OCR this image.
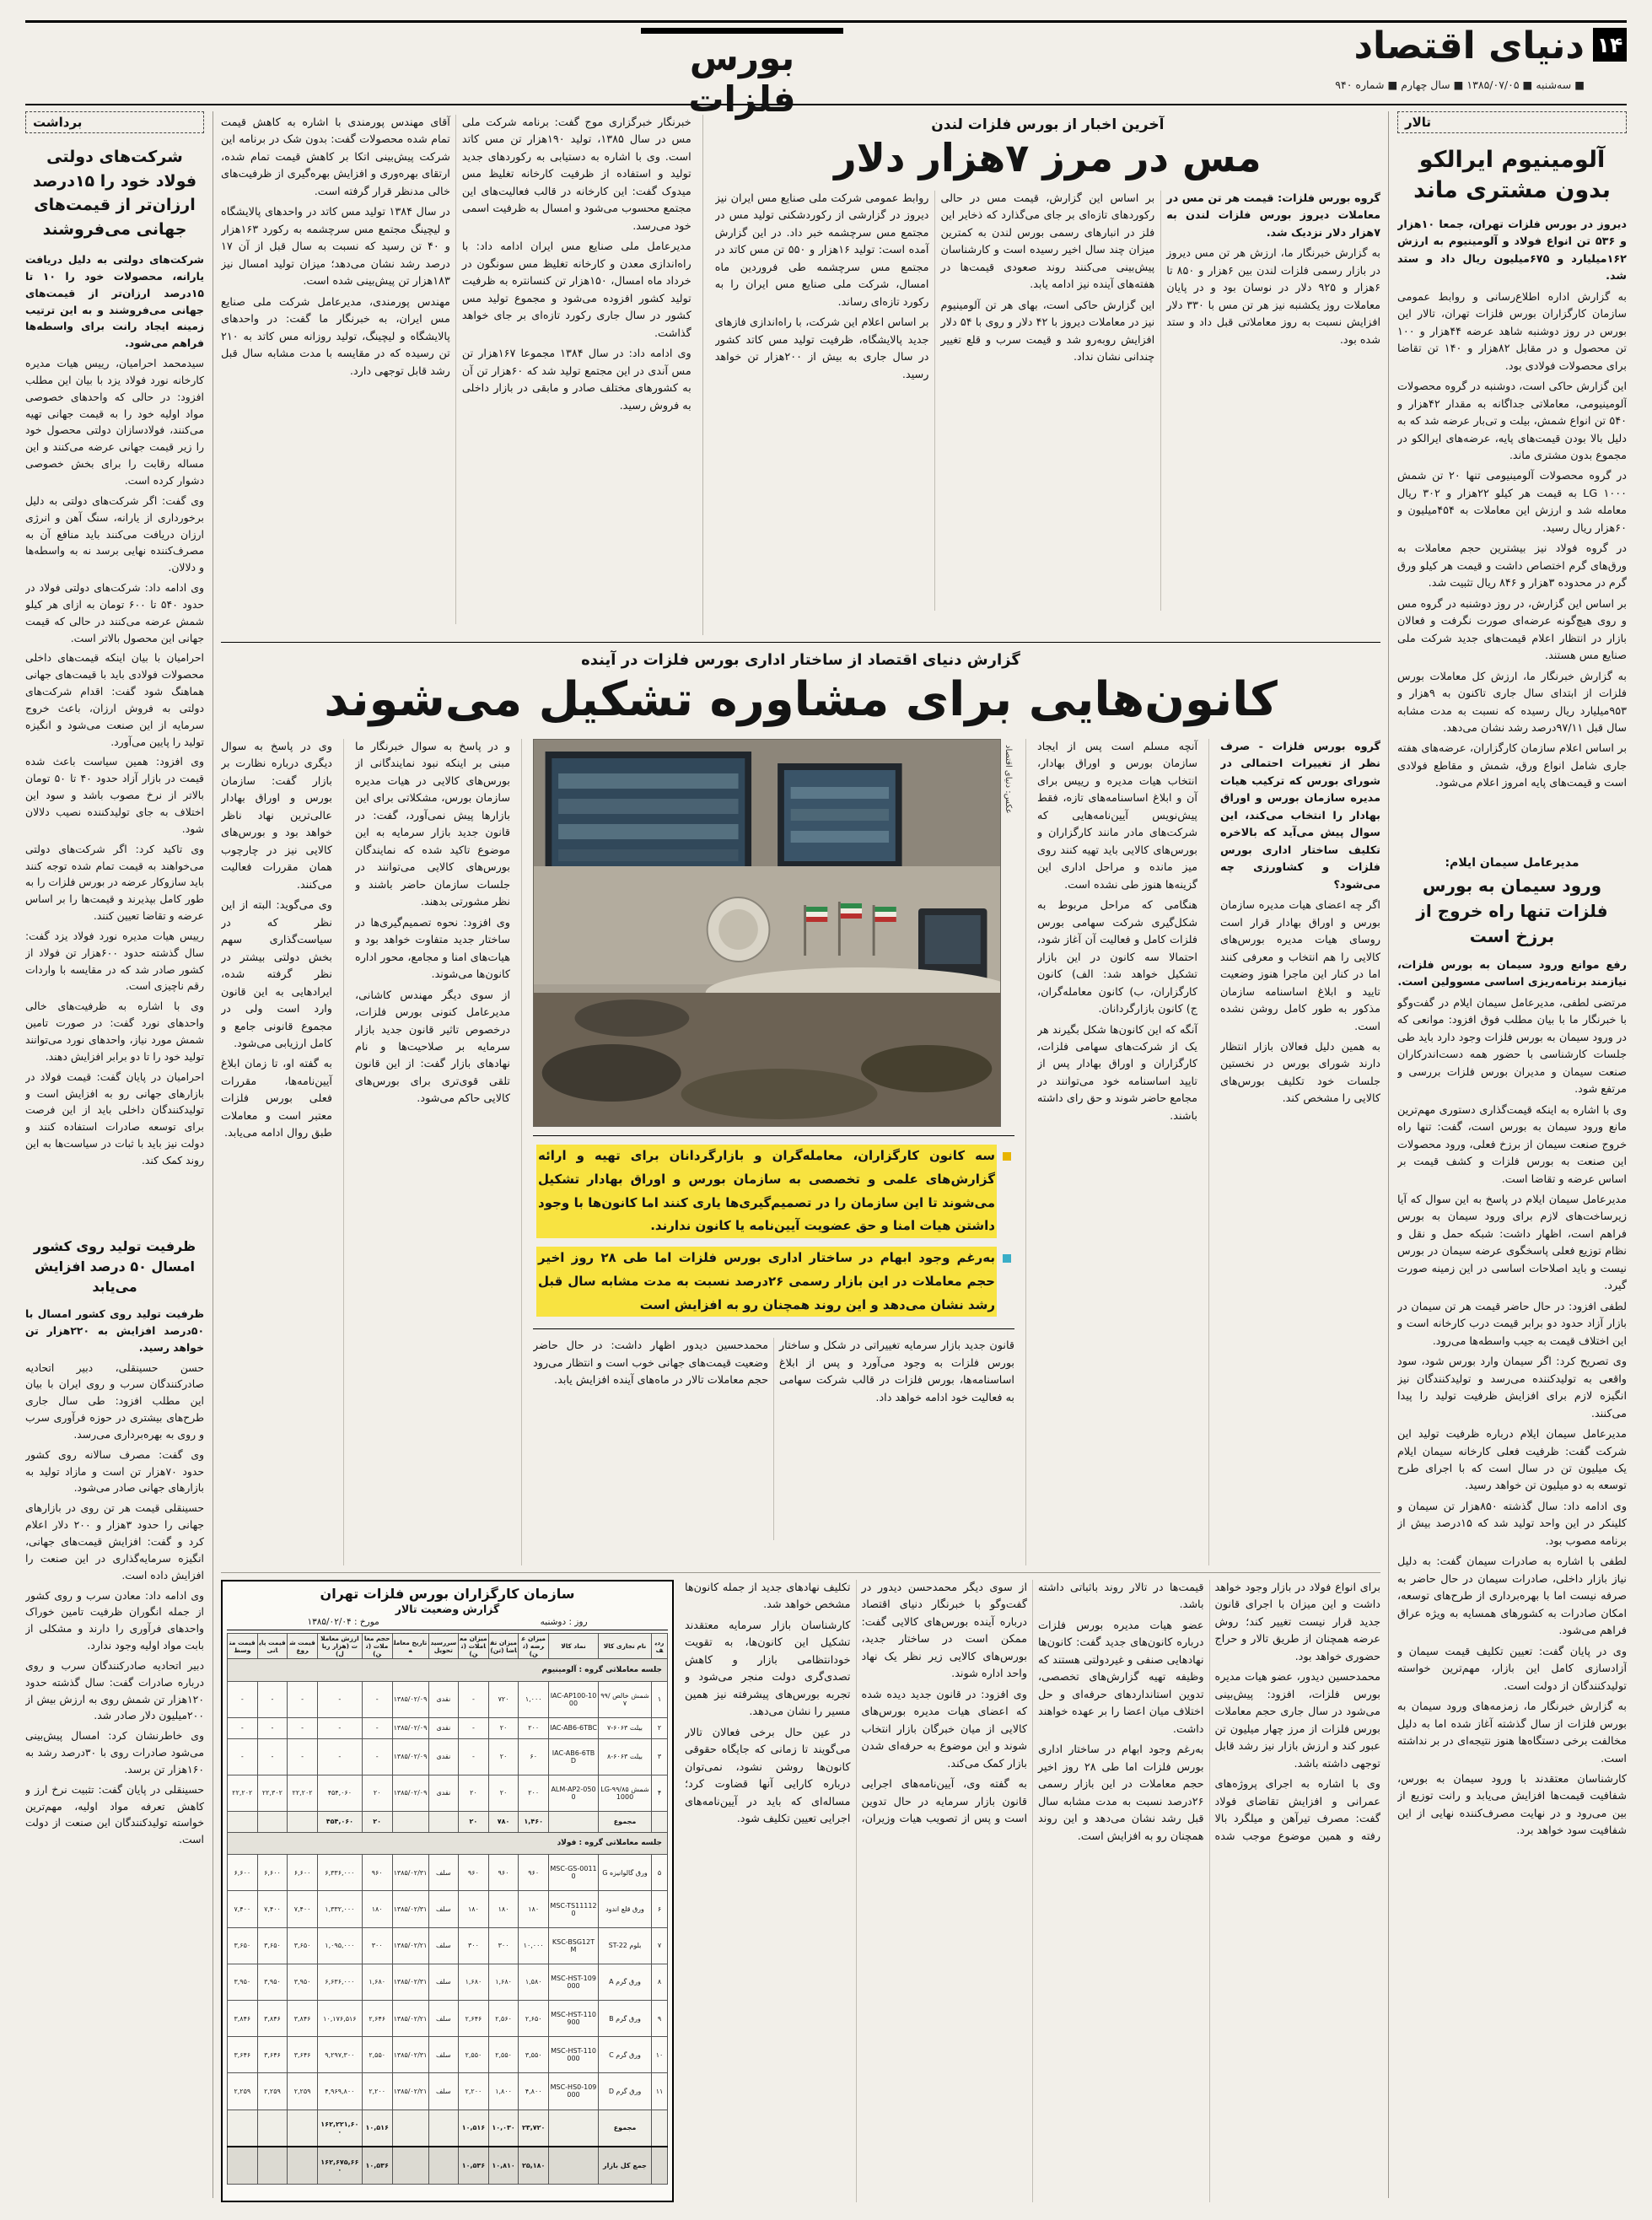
۱۴
دنیای اقتصاد
■ سه‌شنبه ■ ۱۳۸۵/۰۷/۰۵ ■ سال چهارم ■ شماره ۹۴۰
بورس فلزات
تالار
آلومینیوم ایرالکو بدون مشتری ماند

دیروز در بورس فلزات تهران، جمعا ۱۰هزار و ۵۳۶ تن انواع فولاد و آلومینیوم به ارزش ۱۶۲میلیارد و ۶۷۵میلیون ریال داد و ستد شد.

به گزارش اداره اطلاع‌رسانی و روابط عمومی سازمان کارگزاران بورس فلزات تهران، تالار این بورس در روز دوشنبه شاهد عرضه ۴۴هزار و ۱۰۰ تن محصول و در مقابل ۸۲هزار و ۱۴۰ تن تقاضا برای محصولات فولادی بود.

این گزارش حاکی است، دوشنبه در گروه محصولات آلومینیومی، معاملاتی جداگانه به مقدار ۴۲هزار و ۵۴۰ تن انواع شمش، بیلت و تی‌بار عرضه شد که به دلیل بالا بودن قیمت‌های پایه، عرضه‌های ایرالکو در مجموع بدون مشتری ماند.

در گروه محصولات آلومینیومی تنها ۲۰ تن شمش LG ۱۰۰۰ به قیمت هر کیلو ۲۲هزار و ۳۰۲ ریال معامله شد و ارزش این معاملات به ۴۵۴میلیون و ۶۰هزار ریال رسید.

در گروه فولاد نیز بیشترین حجم معاملات به ورق‌های گرم اختصاص داشت و قیمت هر کیلو ورق گرم در محدوده ۳هزار و ۸۴۶ ریال تثبیت شد.

بر اساس این گزارش، در روز دوشنبه در گروه مس و روی هیچ‌گونه عرضه‌ای صورت نگرفت و فعالان بازار در انتظار اعلام قیمت‌های جدید شرکت ملی صنایع مس هستند.

به گزارش خبرنگار ما، ارزش کل معاملات بورس فلزات از ابتدای سال جاری تاکنون به ۹هزار و ۹۵۳میلیارد ریال رسیده که نسبت به مدت مشابه سال قبل ۹۷/۱۱درصد رشد نشان می‌دهد.

بر اساس اعلام سازمان کارگزاران، عرضه‌های هفته جاری شامل انواع ورق، شمش و مقاطع فولادی است و قیمت‌های پایه امروز اعلام می‌شود.

مدیرعامل سیمان ایلام:
ورود سیمان به بورس فلزات تنها راه خروج از برزخ است

رفع موانع ورود سیمان به بورس فلزات، نیازمند برنامه‌ریزی اساسی مسوولین است.

مرتضی لطفی، مدیرعامل سیمان ایلام در گفت‌وگو با خبرنگار ما با بیان مطلب فوق افزود: موانعی که در ورود سیمان به بورس فلزات وجود دارد باید طی جلسات کارشناسی با حضور همه دست‌اندرکاران صنعت سیمان و مدیران بورس فلزات بررسی و مرتفع شود.

وی با اشاره به اینکه قیمت‌گذاری دستوری مهم‌ترین مانع ورود سیمان به بورس است، گفت: تنها راه خروج صنعت سیمان از برزخ فعلی، ورود محصولات این صنعت به بورس فلزات و کشف قیمت بر اساس عرضه و تقاضا است.

مدیرعامل سیمان ایلام در پاسخ به این سوال که آیا زیرساخت‌های لازم برای ورود سیمان به بورس فراهم است، اظهار داشت: شبکه حمل و نقل و نظام توزیع فعلی پاسخگوی عرضه سیمان در بورس نیست و باید اصلاحات اساسی در این زمینه صورت گیرد.

لطفی افزود: در حال حاضر قیمت هر تن سیمان در بازار آزاد حدود دو برابر قیمت درب کارخانه است و این اختلاف قیمت به جیب واسطه‌ها می‌رود.

وی تصریح کرد: اگر سیمان وارد بورس شود، سود واقعی به تولیدکننده می‌رسد و تولیدکنندگان نیز انگیزه لازم برای افزایش ظرفیت تولید را پیدا می‌کنند.

مدیرعامل سیمان ایلام درباره ظرفیت تولید این شرکت گفت: ظرفیت فعلی کارخانه سیمان ایلام یک میلیون تن در سال است که با اجرای طرح توسعه به دو میلیون تن خواهد رسید.

وی ادامه داد: سال گذشته ۸۵۰هزار تن سیمان و کلینکر در این واحد تولید شد که ۱۵درصد بیش از برنامه مصوب بود.

لطفی با اشاره به صادرات سیمان گفت: به دلیل نیاز بازار داخلی، صادرات سیمان در حال حاضر به صرفه نیست اما با بهره‌برداری از طرح‌های توسعه، امکان صادرات به کشورهای همسایه به ویژه عراق فراهم می‌شود.

وی در پایان گفت: تعیین تکلیف قیمت سیمان و آزادسازی کامل این بازار، مهم‌ترین خواسته تولیدکنندگان از دولت است.

به گزارش خبرنگار ما، زمزمه‌های ورود سیمان به بورس فلزات از سال گذشته آغاز شده اما به دلیل مخالفت برخی دستگاه‌ها هنوز نتیجه‌ای در بر نداشته است.

کارشناسان معتقدند با ورود سیمان به بورس، شفافیت قیمت‌ها افزایش می‌یابد و رانت توزیع از بین می‌رود و در نهایت مصرف‌کننده نهایی از این شفافیت سود خواهد برد.

آخرین اخبار از بورس فلزات لندن
مس در مرز ۷هزار دلار

گروه بورس فلزات: قیمت هر تن مس در معاملات دیروز بورس فلزات لندن به ۷هزار دلار نزدیک شد.

به گزارش خبرنگار ما، ارزش هر تن مس دیروز در بازار رسمی فلزات لندن بین ۶هزار و ۸۵۰ تا ۶هزار و ۹۲۵ دلار در نوسان بود و در پایان معاملات روز یکشنبه نیز هر تن مس با ۳۳۰ دلار افزایش نسبت به روز معاملاتی قبل داد و ستد شده بود.

بر اساس این گزارش، قیمت مس در حالی رکوردهای تازه‌ای بر جای می‌گذارد که ذخایر این فلز در انبارهای رسمی بورس لندن به کمترین میزان چند سال اخیر رسیده است و کارشناسان پیش‌بینی می‌کنند روند صعودی قیمت‌ها در هفته‌های آینده نیز ادامه یابد.

این گزارش حاکی است، بهای هر تن آلومینیوم نیز در معاملات دیروز با ۴۲ دلار و روی با ۵۴ دلار افزایش روبه‌رو شد و قیمت سرب و قلع تغییر چندانی نشان نداد.

روابط عمومی شرکت ملی صنایع مس ایران نیز دیروز در گزارشی از رکوردشکنی تولید مس در مجتمع مس سرچشمه خبر داد. در این گزارش آمده است: تولید ۱۶هزار و ۵۵۰ تن مس کاتد در مجتمع مس سرچشمه طی فروردین ماه امسال، شرکت ملی صنایع مس ایران را به رکورد تازه‌ای رساند.

بر اساس اعلام این شرکت، با راه‌اندازی فازهای جدید پالایشگاه، ظرفیت تولید مس کاتد کشور در سال جاری به بیش از ۲۰۰هزار تن خواهد رسید.

خبرنگار خبرگزاری موج گفت: برنامه شرکت ملی مس در سال ۱۳۸۵، تولید ۱۹۰هزار تن مس کاتد است. وی با اشاره به دستیابی به رکوردهای جدید تولید و استفاده از ظرفیت کارخانه تغلیظ مس میدوک گفت: این کارخانه در قالب فعالیت‌های این مجتمع محسوب می‌شود و امسال به ظرفیت اسمی خود می‌رسد.

مدیرعامل ملی صنایع مس ایران ادامه داد: با راه‌اندازی معدن و کارخانه تغلیظ مس سونگون در خرداد ماه امسال، ۱۵۰هزار تن کنسانتره به ظرفیت تولید کشور افزوده می‌شود و مجموع تولید مس کشور در سال جاری رکورد تازه‌ای بر جای خواهد گذاشت.

وی ادامه داد: در سال ۱۳۸۴ مجموعا ۱۶۷هزار تن مس آندی در این مجتمع تولید شد که ۶۰هزار تن آن به کشورهای مختلف صادر و مابقی در بازار داخلی به فروش رسید.

آقای مهندس پورمندی با اشاره به کاهش قیمت تمام شده محصولات گفت: بدون شک در برنامه این شرکت پیش‌بینی اتکا بر کاهش قیمت تمام شده، ارتقای بهره‌وری و افزایش بهره‌گیری از ظرفیت‌های خالی مدنظر قرار گرفته است.

در سال ۱۳۸۴ تولید مس کاتد در واحدهای پالایشگاه و لیچینگ مجتمع مس سرچشمه به رکورد ۱۶۳هزار و ۴۰ تن رسید که نسبت به سال قبل از آن ۱۷ درصد رشد نشان می‌دهد؛ میزان تولید امسال نیز ۱۸۳هزار تن پیش‌بینی شده است.

مهندس پورمندی، مدیرعامل شرکت ملی صنایع مس ایران، به خبرنگار ما گفت: در واحدهای پالایشگاه و لیچینگ، تولید روزانه مس کاتد به ۲۱۰ تن رسیده که در مقایسه با مدت مشابه سال قبل رشد قابل توجهی دارد.

گزارش دنیای اقتصاد از ساختار اداری بورس فلزات در آینده
کانون‌هایی برای مشاوره تشکیل می‌شوند

گروه بورس فلزات - صرف نظر از تغییرات احتمالی در شورای بورس که ترکیب هیات مدیره سازمان بورس و اوراق بهادار را انتخاب می‌کند، این سوال پیش می‌آید که بالاخره تکلیف ساختار اداری بورس فلزات و کشاورزی چه می‌شود؟

اگر چه اعضای هیات مدیره سازمان بورس و اوراق بهادار قرار است روسای هیات مدیره بورس‌های کالایی را هم انتخاب و معرفی کنند اما در کنار این ماجرا هنوز وضعیت تایید و ابلاغ اساسنامه سازمان مذکور به طور کامل روشن نشده است.

به همین دلیل فعالان بازار انتظار دارند شورای بورس در نخستین جلسات خود تکلیف بورس‌های کالایی را مشخص کند.

آنچه مسلم است پس از ایجاد سازمان بورس و اوراق بهادار، انتخاب هیات مدیره و رییس برای آن و ابلاغ اساسنامه‌های تازه، فقط پیش‌نویس آیین‌نامه‌هایی که شرکت‌های مادر مانند کارگزاران و بورس‌های کالایی باید تهیه کنند روی میز مانده و مراحل اداری این گزینه‌ها هنوز طی نشده است.

هنگامی که مراحل مربوط به شکل‌گیری شرکت سهامی بورس فلزات کامل و فعالیت آن آغاز شود، احتمالا سه کانون در این بازار تشکیل خواهد شد: الف) کانون کارگزاران، ب) کانون معامله‌گران، ج) کانون بازارگردانان.

آنگه که این کانون‌ها شکل بگیرند هر یک از شرکت‌های سهامی فلزات، کارگزاران و اوراق بهادار پس از تایید اساسنامه خود می‌توانند در مجامع حاضر شوند و حق رای داشته باشند.

عکس: دنیای اقتصاد
سه کانون کارگزاران، معامله‌گران و بازارگردانان برای تهیه و ارائه گزارش‌های علمی و تخصصی به سازمان بورس و اوراق بهادار تشکیل می‌شوند تا این سازمان را در تصمیم‌گیری‌ها یاری کنند اما کانون‌ها با وجود داشتن هیات امنا و حق عضویت آیین‌نامه یا کانون ندارند.
به‌رغم وجود ابهام در ساختار اداری بورس فلزات اما طی ۲۸ روز اخیر حجم معاملات در این بازار رسمی ۲۶درصد نسبت به مدت مشابه سال قبل رشد نشان می‌دهد و این روند همچنان رو به افزایش است

قانون جدید بازار سرمایه تغییراتی در شکل و ساختار بورس فلزات به وجود می‌آورد و پس از ابلاغ اساسنامه‌ها، بورس فلزات در قالب شرکت سهامی به فعالیت خود ادامه خواهد داد.

محمدحسین دیدور اظهار داشت: در حال حاضر وضعیت قیمت‌های جهانی خوب است و انتظار می‌رود حجم معاملات تالار در ماه‌های آینده افزایش یابد.

و در پاسخ به سوال خبرنگار ما مبنی بر اینکه نبود نمایندگانی از بورس‌های کالایی در هیات مدیره سازمان بورس، مشکلاتی برای این بازارها پیش نمی‌آورد، گفت: در قانون جدید بازار سرمایه به این موضوع تاکید شده که نمایندگان بورس‌های کالایی می‌توانند در جلسات سازمان حاضر باشند و نظر مشورتی بدهند.

وی افزود: نحوه تصمیم‌گیری‌ها در ساختار جدید متفاوت خواهد بود و هیات‌های امنا و مجامع، محور اداره کانون‌ها می‌شوند.

از سوی دیگر مهندس کاشانی، مدیرعامل کنونی بورس فلزات، درخصوص تاثیر قانون جدید بازار سرمایه بر صلاحیت‌ها و نام نهادهای بازار گفت: از این قانون تلقی قوی‌تری برای بورس‌های کالایی حاکم می‌شود.

وی در پاسخ به سوال دیگری درباره نظارت بر بازار گفت: سازمان بورس و اوراق بهادار عالی‌ترین نهاد ناظر خواهد بود و بورس‌های کالایی نیز در چارچوب همان مقررات فعالیت می‌کنند.

وی می‌گوید: البته از این نظر که در سیاست‌گذاری سهم بخش دولتی بیشتر در نظر گرفته شده، ایرادهایی به این قانون وارد است ولی در مجموع قانونی جامع و کامل ارزیابی می‌شود.

به گفته او، تا زمان ابلاغ آیین‌نامه‌ها، مقررات فعلی بورس فلزات معتبر است و معاملات طبق روال ادامه می‌یابد.

برای انواع فولاد در بازار وجود خواهد داشت و این میزان با اجرای قانون جدید قرار نیست تغییر کند؛ روش عرضه همچنان از طریق تالار و حراج حضوری خواهد بود.

محمدحسین دیدور، عضو هیات مدیره بورس فلزات، افزود: پیش‌بینی می‌شود در سال جاری حجم معاملات بورس فلزات از مرز چهار میلیون تن عبور کند و ارزش بازار نیز رشد قابل توجهی داشته باشد.

وی با اشاره به اجرای پروژه‌های عمرانی و افزایش تقاضای فولاد گفت: مصرف تیرآهن و میلگرد بالا رفته و همین موضوع موجب شده قیمت‌ها در تالار روند باثباتی داشته باشد.

عضو هیات مدیره بورس فلزات درباره کانون‌های جدید گفت: کانون‌ها نهادهایی صنفی و غیردولتی هستند که وظیفه تهیه گزارش‌های تخصصی، تدوین استانداردهای حرفه‌ای و حل اختلاف میان اعضا را بر عهده خواهند داشت.

به‌رغم وجود ابهام در ساختار اداری بورس فلزات اما طی ۲۸ روز اخیر حجم معاملات در این بازار رسمی ۲۶درصد نسبت به مدت مشابه سال قبل رشد نشان می‌دهد و این روند همچنان رو به افزایش است.

از سوی دیگر محمدحسن دیدور در گفت‌وگو با خبرنگار دنیای اقتصاد درباره آینده بورس‌های کالایی گفت: ممکن است در ساختار جدید، بورس‌های کالایی زیر نظر یک نهاد واحد اداره شوند.

وی افزود: در قانون جدید دیده شده که اعضای هیات مدیره بورس‌های کالایی از میان خبرگان بازار انتخاب شوند و این موضوع به حرفه‌ای شدن بازار کمک می‌کند.

به گفته وی، آیین‌نامه‌های اجرایی قانون بازار سرمایه در حال تدوین است و پس از تصویب هیات وزیران، تکلیف نهادهای جدید از جمله کانون‌ها مشخص خواهد شد.

کارشناسان بازار سرمایه معتقدند تشکیل این کانون‌ها، به تقویت خودانتظامی بازار و کاهش تصدی‌گری دولت منجر می‌شود و تجربه بورس‌های پیشرفته نیز همین مسیر را نشان می‌دهد.

در عین حال برخی فعالان تالار می‌گویند تا زمانی که جایگاه حقوقی کانون‌ها روشن نشود، نمی‌توان درباره کارایی آنها قضاوت کرد؛ مساله‌ای که باید در آیین‌نامه‌های اجرایی تعیین تکلیف شود.

سازمان کارگزاران بورس فلزات تهران
گزارش وضعیت تالار
روز : دوشنبه
مورخ : ۱۳۸۵/۰۲/۰۴
ردیف	نام تجاری کالا	نماد کالا	میزان عرضه (تن)	میزان تقاضا (تن)	میزان معاملات (تن)	سررسید تحویل	تاریخ معامله	حجم معاملات (تن)	ارزش معاملات (هزار ریال)	قیمت شروع	قیمت پایانی	قیمت متوسط
جلسه معاملاتی گروه : آلومینیوم												
۱	شمش خالص ۹۹/۷	IAC-AP100-1000	۱,۰۰۰	۷۲۰	-	نقدی	۱۳۸۵/۰۲/۰۹	-	-	-	-	-
۲	بیلت ۶۰۶۳-۷	IAC-AB6-6TBC	۲۰۰	۲۰	-	نقدی	۱۳۸۵/۰۲/۰۹	-	-	-	-	-
۳	بیلت ۶۰۶۳-۸	IAC-AB6-6TBD	۶۰	۲۰	-	نقدی	۱۳۸۵/۰۲/۰۹	-	-	-	-	-
۴	شمش ۹۹/۸۵-LG1000	ALM-AP2-0500	۲۰۰	۲۰	۲۰	نقدی	۱۳۸۵/۰۲/۰۹	۲۰	۴۵۴,۰۶۰	۲۲,۲۰۲	۲۲,۳۰۲	۲۲,۲۰۲
	مجموع		۱,۴۶۰	۷۸۰	۲۰			۲۰	۴۵۴,۰۶۰			
جلسه معاملاتی گروه : فولاد												
۵	ورق گالوانیزه G	MSC-GS-00110	۹۶۰	۹۶۰	۹۶۰	سلف	۱۳۸۵/۰۲/۳۱	۹۶۰	۶,۳۳۶,۰۰۰	۶,۶۰۰	۶,۶۰۰	۶,۶۰۰
۶	ورق قلع اندود	MSC-TS111120	۱۸۰	۱۸۰	۱۸۰	سلف	۱۳۸۵/۰۲/۳۱	۱۸۰	۱,۳۳۲,۰۰۰	۷,۴۰۰	۷,۴۰۰	۷,۴۰۰
۷	بلوم ST-22	KSC-BSG12TM	۱۰,۰۰۰	۳۰۰	۳۰۰	سلف	۱۳۸۵/۰۲/۲۱	۳۰۰	۱,۰۹۵,۰۰۰	۳,۶۵۰	۳,۶۵۰	۳,۶۵۰
۸	ورق گرم A	MSC-HST-109000	۱,۵۸۰	۱,۶۸۰	۱,۶۸۰	سلف	۱۳۸۵/۰۲/۳۱	۱,۶۸۰	۶,۶۳۶,۰۰۰	۳,۹۵۰	۳,۹۵۰	۳,۹۵۰
۹	ورق گرم B	MSC-HST-110900	۲,۶۵۰	۲,۵۶۰	۲,۶۴۶	سلف	۱۳۸۵/۰۲/۲۱	۲,۶۴۶	۱۰,۱۷۶,۵۱۶	۳,۸۴۶	۳,۸۴۶	۳,۸۴۶
۱۰	ورق گرم C	MSC-HST-110000	۳,۵۵۰	۲,۵۵۰	۲,۵۵۰	سلف	۱۳۸۵/۰۲/۳۱	۲,۵۵۰	۹,۲۹۷,۳۰۰	۳,۶۴۶	۳,۶۴۶	۳,۶۴۶
۱۱	ورق گرم D	MSC-HS0-109000	۴,۸۰۰	۱,۸۰۰	۲,۲۰۰	سلف	۱۳۸۵/۰۲/۲۱	۲,۲۰۰	۴,۹۶۹,۸۰۰	۲,۲۵۹	۲,۲۵۹	۲,۲۵۹
	مجموع		۲۳,۷۲۰	۱۰,۰۳۰	۱۰,۵۱۶			۱۰,۵۱۶	۱۶۲,۲۲۱,۶۰۰			
	جمع کل بازار		۲۵,۱۸۰	۱۰,۸۱۰	۱۰,۵۳۶			۱۰,۵۳۶	۱۶۲,۶۷۵,۶۶۰			
برداشت
شرکت‌های دولتی فولاد خود را ۱۵درصد ارزان‌تر از قیمت‌های جهانی می‌فروشند

شرکت‌های دولتی به دلیل دریافت یارانه، محصولات خود را ۱۰ تا ۱۵درصد ارزان‌تر از قیمت‌های جهانی می‌فروشند و به این ترتیب زمینه ایجاد رانت برای واسطه‌ها فراهم می‌شود.

سیدمحمد احرامیان، رییس هیات مدیره کارخانه نورد فولاد یزد با بیان این مطلب افزود: در حالی که واحدهای خصوصی مواد اولیه خود را به قیمت جهانی تهیه می‌کنند، فولادسازان دولتی محصول خود را زیر قیمت جهانی عرضه می‌کنند و این مساله رقابت را برای بخش خصوصی دشوار کرده است.

وی گفت: اگر شرکت‌های دولتی به دلیل برخورداری از یارانه، سنگ آهن و انرژی ارزان دریافت می‌کنند باید منافع آن به مصرف‌کننده نهایی برسد نه به واسطه‌ها و دلالان.

وی ادامه داد: شرکت‌های دولتی فولاد در حدود ۵۴۰ تا ۶۰۰ تومان به ازای هر کیلو شمش عرضه می‌کنند در حالی که قیمت جهانی این محصول بالاتر است.

احرامیان با بیان اینکه قیمت‌های داخلی محصولات فولادی باید با قیمت‌های جهانی هماهنگ شود گفت: اقدام شرکت‌های دولتی به فروش ارزان، باعث خروج سرمایه از این صنعت می‌شود و انگیزه تولید را پایین می‌آورد.

وی افزود: همین سیاست باعث شده قیمت در بازار آزاد حدود ۴۰ تا ۵۰ تومان بالاتر از نرخ مصوب باشد و سود این اختلاف به جای تولیدکننده نصیب دلالان شود.

وی تاکید کرد: اگر شرکت‌های دولتی می‌خواهند به قیمت تمام شده توجه کنند باید سازوکار عرضه در بورس فلزات را به طور کامل بپذیرند و قیمت‌ها را بر اساس عرضه و تقاضا تعیین کنند.

رییس هیات مدیره نورد فولاد یزد گفت: سال گذشته حدود ۶۰۰هزار تن فولاد از کشور صادر شد که در مقایسه با واردات رقم ناچیزی است.

وی با اشاره به ظرفیت‌های خالی واحدهای نورد گفت: در صورت تامین شمش مورد نیاز، واحدهای نورد می‌توانند تولید خود را تا دو برابر افزایش دهند.

احرامیان در پایان گفت: قیمت فولاد در بازارهای جهانی رو به افزایش است و تولیدکنندگان داخلی باید از این فرصت برای توسعه صادرات استفاده کنند و دولت نیز باید با ثبات در سیاست‌ها به این روند کمک کند.

ظرفیت تولید روی کشور امسال ۵۰ درصد افزایش می‌یابد

ظرفیت تولید روی کشور امسال با ۵۰درصد افزایش به ۲۲۰هزار تن خواهد رسید.

حسن حسینقلی، دبیر اتحادیه صادرکنندگان سرب و روی ایران با بیان این مطلب افزود: طی سال جاری طرح‌های بیشتری در حوزه فرآوری سرب و روی به بهره‌برداری می‌رسد.

وی گفت: مصرف سالانه روی کشور حدود ۷۰هزار تن است و مازاد تولید به بازارهای جهانی صادر می‌شود.

حسینقلی قیمت هر تن روی در بازارهای جهانی را حدود ۳هزار و ۲۰۰ دلار اعلام کرد و گفت: افزایش قیمت‌های جهانی، انگیزه سرمایه‌گذاری در این صنعت را افزایش داده است.

وی ادامه داد: معادن سرب و روی کشور از جمله انگوران ظرفیت تامین خوراک واحدهای فرآوری را دارند و مشکلی از بابت مواد اولیه وجود ندارد.

دبیر اتحادیه صادرکنندگان سرب و روی درباره صادرات گفت: سال گذشته حدود ۱۲۰هزار تن شمش روی به ارزش بیش از ۲۰۰میلیون دلار صادر شد.

وی خاطرنشان کرد: امسال پیش‌بینی می‌شود صادرات روی با ۳۰درصد رشد به ۱۶۰هزار تن برسد.

حسینقلی در پایان گفت: تثبیت نرخ ارز و کاهش تعرفه مواد اولیه، مهم‌ترین خواسته تولیدکنندگان این صنعت از دولت است.
